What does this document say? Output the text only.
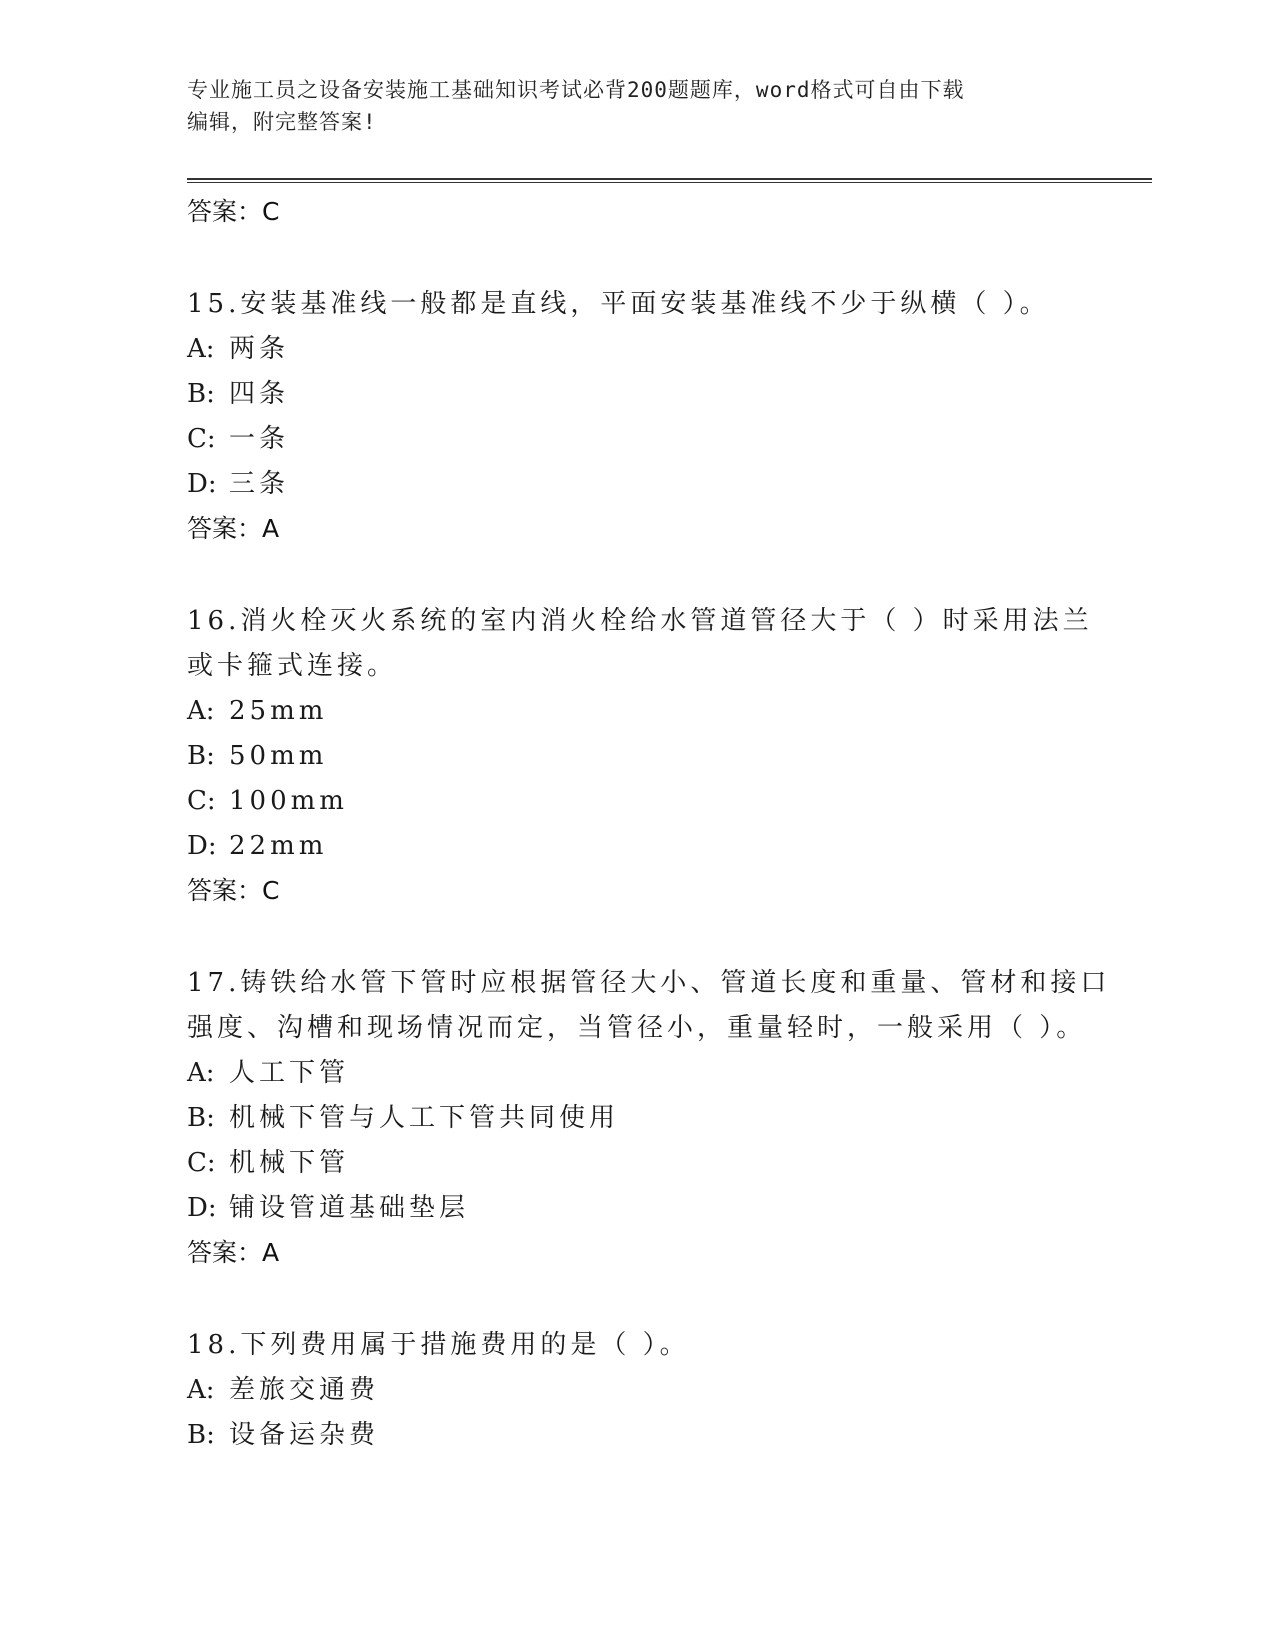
专业施工员之设备安装施工基础知识考试必背200题题库，word格式可自由下载
编辑，附完整答案!
答案：C
15.安装基准线一般都是直线，平面安装基准线不少于纵横（ ）。
A: 两条
B: 四条
C: 一条
D: 三条
答案：A
16.消火栓灭火系统的室内消火栓给水管道管径大于（ ）时采用法兰
或卡箍式连接。
A: 25mm
B: 50mm
C: 100mm
D: 22mm
答案：C
17.铸铁给水管下管时应根据管径大小、管道长度和重量、管材和接口
强度、沟槽和现场情况而定，当管径小，重量轻时，一般采用（ ）。
A: 人工下管
B: 机械下管与人工下管共同使用
C: 机械下管
D: 铺设管道基础垫层
答案：A
18.下列费用属于措施费用的是（ ）。
A: 差旅交通费
B: 设备运杂费
